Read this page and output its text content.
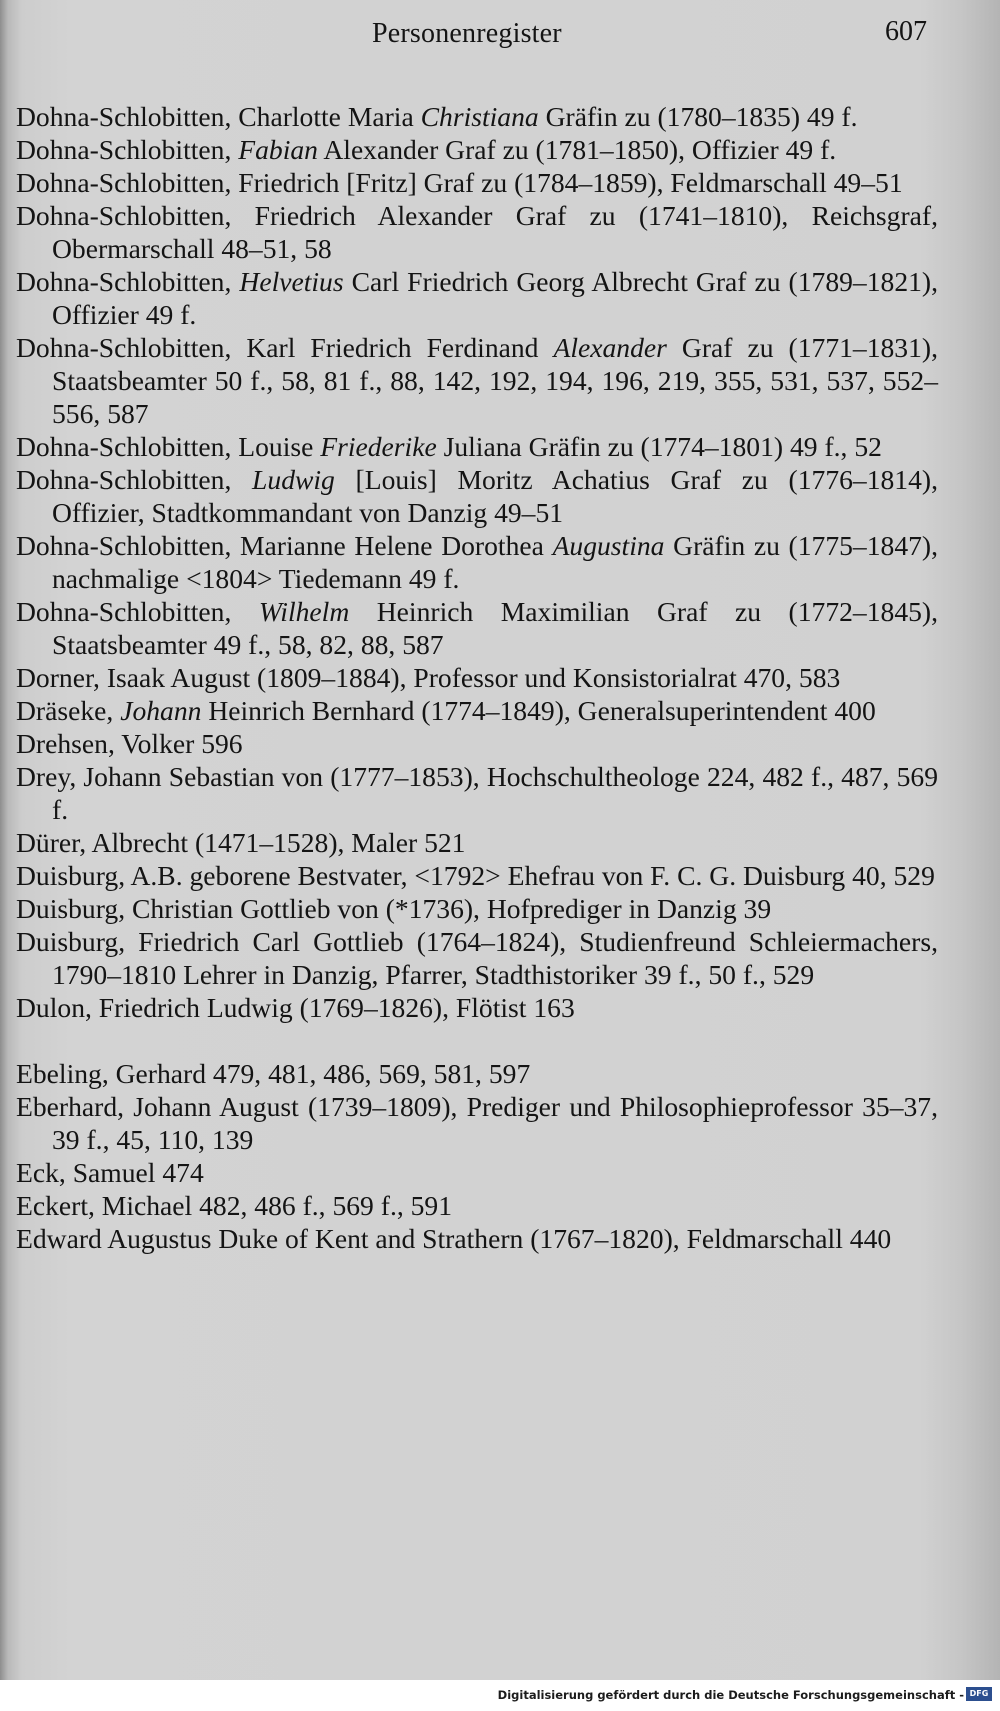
Personenregister	607
Dohna-Schlobitten, Charlotte Maria Christiana Gräfin zu (1780–1835) 49 f.
Dohna-Schlobitten, Fabian Alexander Graf zu (1781–1850), Offizier 49 f.
Dohna-Schlobitten, Friedrich [Fritz] Graf zu (1784–1859), Feldmarschall 49–51
Dohna-Schlobitten, Friedrich Alexander Graf zu (1741–1810), Reichsgraf, Obermarschall 48–51, 58
Dohna-Schlobitten, Helvetius Carl Friedrich Georg Albrecht Graf zu (1789–1821), Offizier 49 f.
Dohna-Schlobitten, Karl Friedrich Ferdinand Alexander Graf zu (1771–1831), Staatsbeamter 50 f., 58, 81 f., 88, 142, 192, 194, 196, 219, 355, 531, 537, 552–556, 587
Dohna-Schlobitten, Louise Friederike Juliana Gräfin zu (1774–1801) 49 f., 52
Dohna-Schlobitten, Ludwig [Louis] Moritz Achatius Graf zu (1776–1814), Offizier, Stadtkommandant von Danzig 49–51
Dohna-Schlobitten, Marianne Helene Dorothea Augustina Gräfin zu (1775–1847), nachmalige <1804> Tiedemann 49 f.
Dohna-Schlobitten, Wilhelm Heinrich Maximilian Graf zu (1772–1845), Staatsbeamter 49 f., 58, 82, 88, 587
Dorner, Isaak August (1809–1884), Professor und Konsistorialrat 470, 583
Dräseke, Johann Heinrich Bernhard (1774–1849), Generalsuperintendent 400
Drehsen, Volker 596
Drey, Johann Sebastian von (1777–1853), Hochschultheologe 224, 482 f., 487, 569 f.
Dürer, Albrecht (1471–1528), Maler 521
Duisburg, A.B. geborene Bestvater, <1792> Ehefrau von F. C. G. Duisburg 40, 529
Duisburg, Christian Gottlieb von (*1736), Hofprediger in Danzig 39
Duisburg, Friedrich Carl Gottlieb (1764–1824), Studienfreund Schleiermachers, 1790–1810 Lehrer in Danzig, Pfarrer, Stadthistoriker 39 f., 50 f., 529
Dulon, Friedrich Ludwig (1769–1826), Flötist 163
Ebeling, Gerhard 479, 481, 486, 569, 581, 597
Eberhard, Johann August (1739–1809), Prediger und Philosophieprofessor 35–37, 39 f., 45, 110, 139
Eck, Samuel 474
Eckert, Michael 482, 486 f., 569 f., 591
Edward Augustus Duke of Kent and Strathern (1767–1820), Feldmarschall 440
Digitalisierung gefördert durch die Deutsche Forschungsgemeinschaft - DFG
